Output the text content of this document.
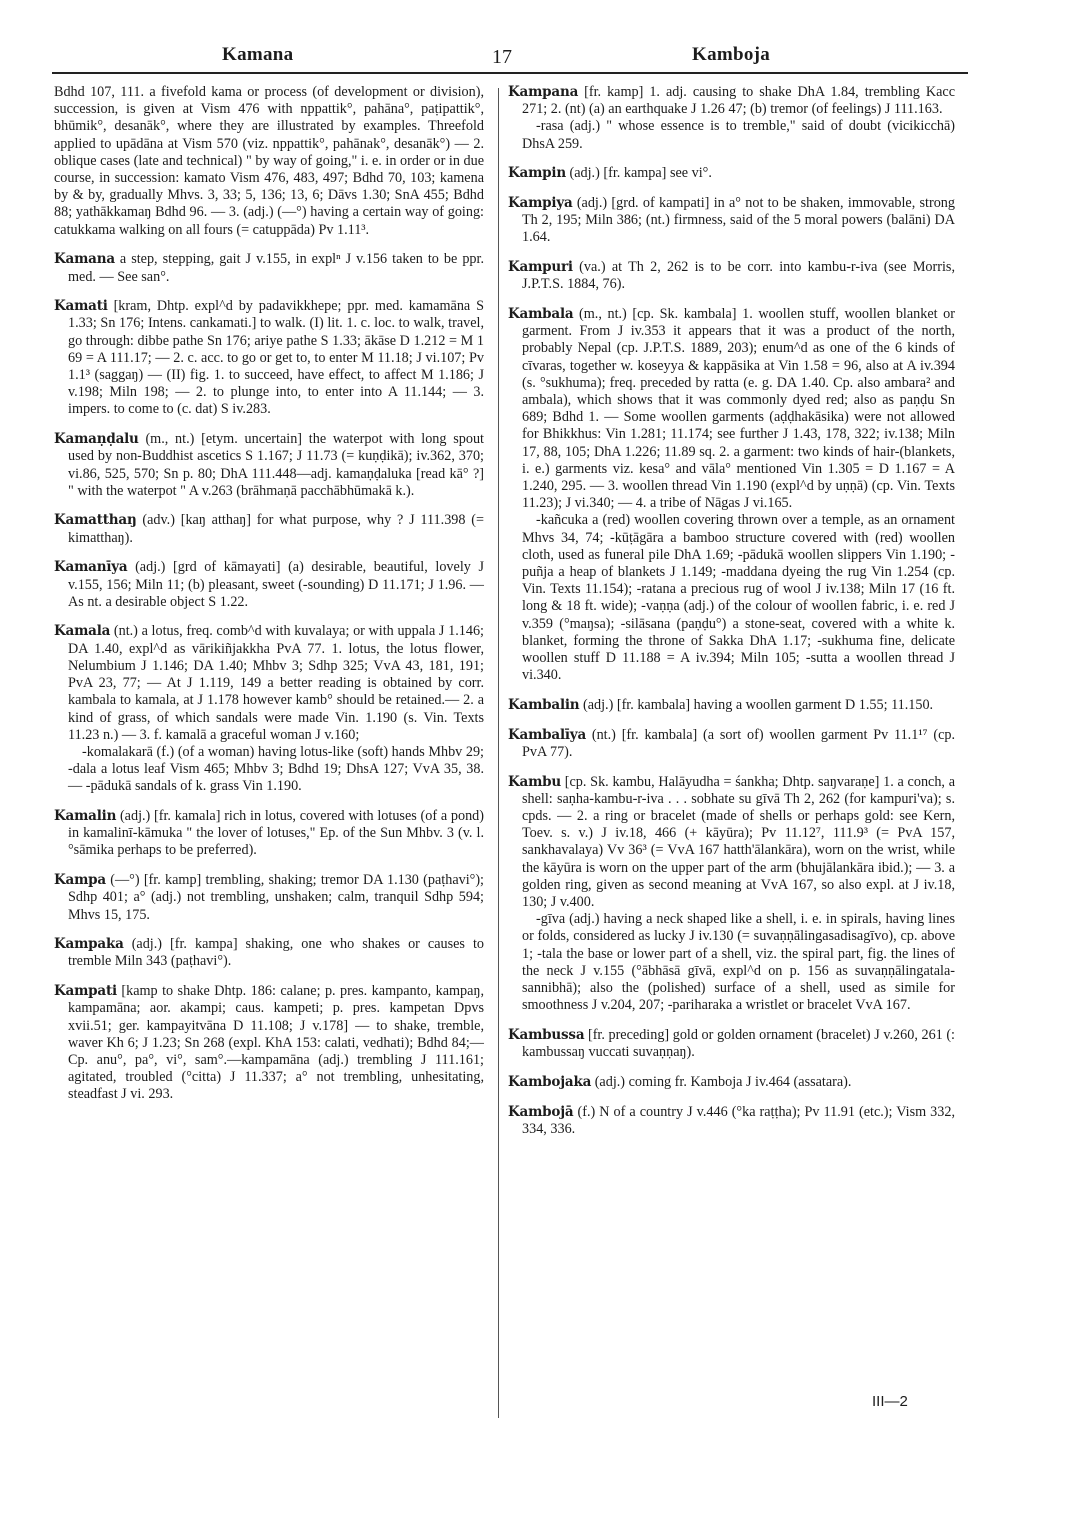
Kamana	17	Kamboja

Bdhd 107, 111. a fivefold kama or process (of development or division), succession, is given at Vism 476 with nppattik°, pahāna°, paṭipattik°, bhūmik°, desanāk°, where they are illustrated by examples. Threefold applied to upādāna at Vism 570 (viz. nppattik°, pahānak°, desanāk°) — 2. oblique cases (late and technical) " by way of going," i. e. in order or in due course, in succession: kamato Vism 476, 483, 497; Bdhd 70, 103; kamena by & by, gradually Mhvs. 3, 33; 5, 136; 13, 6; Dāvs 1.30; SnA 455; Bdhd 88; yathākkamaŋ Bdhd 96. — 3. (adj.) (—°) having a certain way of going: catukkama walking on all fours (= catuppāda) Pv 1.11³.

Kamana a step, stepping, gait J v.155, in explⁿ J v.156 taken to be ppr. med. — See san°.

Kamati [kram, Dhtp. expl^d by padavikkhepe; ppr. med. kamamāna S 1.33; Sn 176; Intens. cankamati.] to walk. (I) lit. 1. c. loc. to walk, travel, go through: dibbe pathe Sn 176; ariye pathe S 1.33; ākāse D 1.212 = M 1 69 = A 111.17; — 2. c. acc. to go or get to, to enter M 11.18; J vi.107; Pv 1.1³ (saggaŋ) — (II) fig. 1. to succeed, have effect, to affect M 1.186; J v.198; Miln 198; — 2. to plunge into, to enter into A 11.144; — 3. impers. to come to (c. dat) S iv.283.

Kamaṇḍalu (m., nt.) [etym. uncertain] the waterpot with long spout used by non-Buddhist ascetics S 1.167; J 11.73 (= kuṇḍikā); iv.362, 370; vi.86, 525, 570; Sn p. 80; DhA 111.448—adj. kamaṇḍaluka [read kā° ?] " with the waterpot " A v.263 (brāhmaṇā pacchābhūmakā k.).

Kamatthaŋ (adv.) [kaŋ atthaŋ] for what purpose, why ? J 111.398 (= kimatthaŋ).

Kamanīya (adj.) [grd of kāmayati] (a) desirable, beautiful, lovely J v.155, 156; Miln 11; (b) pleasant, sweet (-sounding) D 11.171; J 1.96. — As nt. a desirable object S 1.22.

Kamala (nt.) a lotus, freq. comb^d with kuvalaya; or with uppala J 1.146; DA 1.40, expl^d as vārikiñjakkha PvA 77. 1. lotus, the lotus flower, Nelumbium J 1.146; DA 1.40; Mhbv 3; Sdhp 325; VvA 43, 181, 191; PvA 23, 77; — At J 1.119, 149 a better reading is obtained by corr. kambala to kamala, at J 1.178 however kamb° should be retained.— 2. a kind of grass, of which sandals were made Vin. 1.190 (s. Vin. Texts 11.23 n.) — 3. f. kamalā a graceful woman J v.160;
-komalakarā (f.) (of a woman) having lotus-like (soft) hands Mhbv 29; -dala a lotus leaf Vism 465; Mhbv 3; Bdhd 19; DhsA 127; VvA 35, 38. — -pādukā sandals of k. grass Vin 1.190.

Kamalin (adj.) [fr. kamala] rich in lotus, covered with lotuses (of a pond) in kamalinī-kāmuka " the lover of lotuses," Ep. of the Sun Mhbv. 3 (v. l. °sāmika perhaps to be preferred).

Kampa (—°) [fr. kamp] trembling, shaking; tremor DA 1.130 (paṭhavi°); Sdhp 401; a° (adj.) not trembling, unshaken; calm, tranquil Sdhp 594; Mhvs 15, 175.

Kampaka (adj.) [fr. kampa] shaking, one who shakes or causes to tremble Miln 343 (paṭhavi°).

Kampati [kamp to shake Dhtp. 186: calane; p. pres. kampanto, kampaŋ, kampamāna; aor. akampi; caus. kampeti; p. pres. kampetan Dpvs xvii.51; ger. kampayitvāna D 11.108; J v.178] — to shake, tremble, waver Kh 6; J 1.23; Sn 268 (expl. KhA 153: calati, vedhati); Bdhd 84;—Cp. anu°, pa°, vi°, sam°.—kampamāna (adj.) trembling J 111.161; agitated, troubled (°citta) J 11.337; a° not trembling, unhesitating, steadfast J vi. 293.

Kampana [fr. kamp] 1. adj. causing to shake DhA 1.84, trembling Kacc 271; 2. (nt) (a) an earthquake J 1.26 47; (b) tremor (of feelings) J 111.163.
-rasa (adj.) " whose essence is to tremble," said of doubt (vicikicchā) DhsA 259.

Kampin (adj.) [fr. kampa] see vi°.

Kampiya (adj.) [grd. of kampati] in a° not to be shaken, immovable, strong Th 2, 195; Miln 386; (nt.) firmness, said of the 5 moral powers (balāni) DA 1.64.

Kampuri (va.) at Th 2, 262 is to be corr. into kambu-r-iva (see Morris, J.P.T.S. 1884, 76).

Kambala (m., nt.) [cp. Sk. kambala] 1. woollen stuff, woollen blanket or garment. From J iv.353 it appears that it was a product of the north, probably Nepal (cp. J.P.T.S. 1889, 203); enum^d as one of the 6 kinds of cīvaras, together w. koseyya & kappāsika at Vin 1.58 = 96, also at A iv.394 (s. °sukhuma); freq. preceded by ratta (e. g. DA 1.40. Cp. also ambara² and ambala), which shows that it was commonly dyed red; also as paṇḍu Sn 689; Bdhd 1. — Some woollen garments (aḍḍhakāsika) were not allowed for Bhikkhus: Vin 1.281; 11.174; see further J 1.43, 178, 322; iv.138; Miln 17, 88, 105; DhA 1.226; 11.89 sq. 2. a garment: two kinds of hair-(blankets, i. e.) garments viz. kesa° and vāla° mentioned Vin 1.305 = D 1.167 = A 1.240, 295. — 3. woollen thread Vin 1.190 (expl^d by uṇṇā) (cp. Vin. Texts 11.23); J vi.340; — 4. a tribe of Nāgas J vi.165.
-kañcuka a (red) woollen covering thrown over a temple, as an ornament Mhvs 34, 74; -kūṭāgāra a bamboo structure covered with (red) woollen cloth, used as funeral pile DhA 1.69; -pādukā woollen slippers Vin 1.190; -puñja a heap of blankets J 1.149; -maddana dyeing the rug Vin 1.254 (cp. Vin. Texts 11.154); -ratana a precious rug of wool J iv.138; Miln 17 (16 ft. long & 18 ft. wide); -vaṇṇa (adj.) of the colour of woollen fabric, i. e. red J v.359 (°maŋsa); -silāsana (paṇḍu°) a stone-seat, covered with a white k. blanket, forming the throne of Sakka DhA 1.17; -sukhuma fine, delicate woollen stuff D 11.188 = A iv.394; Miln 105; -sutta a woollen thread J vi.340.

Kambalin (adj.) [fr. kambala] having a woollen garment D 1.55; 11.150.

Kambalīya (nt.) [fr. kambala] (a sort of) woollen garment Pv 11.1¹⁷ (cp. PvA 77).

Kambu [cp. Sk. kambu, Halāyudha = śankha; Dhtp. saŋvaraṇe] 1. a conch, a shell: saṇha-kambu-r-iva . . . sobhate su gīvā Th 2, 262 (for kampuri'va); s. cpds. — 2. a ring or bracelet (made of shells or perhaps gold: see Kern, Toev. s. v.) J iv.18, 466 (+ kāyūra); Pv 11.12⁷, 111.9³ (= PvA 157, sankhavalaya) Vv 36³ (= VvA 167 hatth'ālankāra), worn on the wrist, while the kāyūra is worn on the upper part of the arm (bhujālankāra ibid.); — 3. a golden ring, given as second meaning at VvA 167, so also expl. at J iv.18, 130; J v.400.
-gīva (adj.) having a neck shaped like a shell, i. e. in spirals, having lines or folds, considered as lucky J iv.130 (= suvaṇṇālingasadisagīvo), cp. above 1; -tala the base or lower part of a shell, viz. the spiral part, fig. the lines of the neck J v.155 (°ābhāsā gīvā, expl^d on p. 156 as suvaṇṇālingatala-sannibhā); also the (polished) surface of a shell, used as simile for smoothness J v.204, 207; -pariharaka a wristlet or bracelet VvA 167.

Kambussa [fr. preceding] gold or golden ornament (bracelet) J v.260, 261 (: kambussaŋ vuccati suvaṇṇaŋ).

Kambojaka (adj.) coming fr. Kamboja J iv.464 (assatara).

Kambojā (f.) N of a country J v.446 (°ka raṭṭha); Pv 11.91 (etc.); Vism 332, 334, 336.

III—2
